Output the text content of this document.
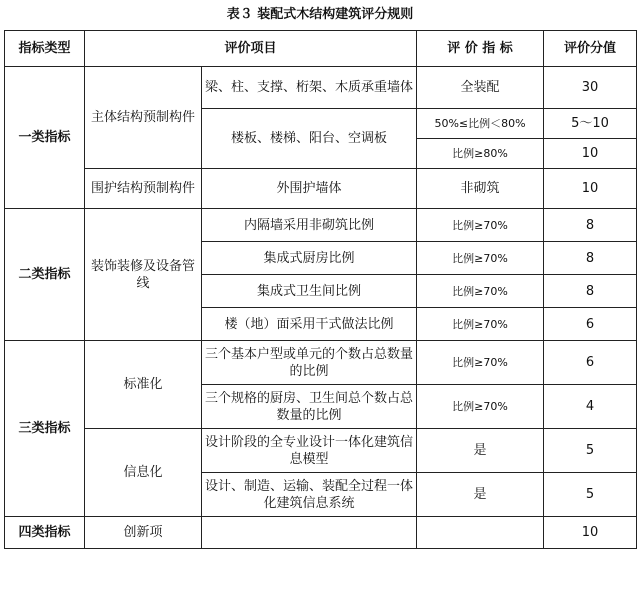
表３ 装配式木结构建筑评分规则
指标类型	评价项目		评 价 指 标	评价分值
一类指标	主体结构预制构件	梁、柱、支撑、桁架、木质承重墙体	全装配	30
		楼板、楼梯、阳台、空调板	50%≤比例＜80%	5～10
			比例≥80%	10
	围护结构预制构件	外围护墙体	非砌筑	10
二类指标	装饰装修及设备管线	内隔墙采用非砌筑比例	比例≥70%	8
		集成式厨房比例	比例≥70%	8
		集成式卫生间比例	比例≥70%	8
		楼（地）面采用干式做法比例	比例≥70%	6
三类指标	标准化	三个基本户型或单元的个数占总数量的比例	比例≥70%	6
		三个规格的厨房、卫生间总个数占总数量的比例	比例≥70%	4
	信息化	设计阶段的全专业设计一体化建筑信息模型	是	5
		设计、制造、运输、装配全过程一体化建筑信息系统	是	5
四类指标	创新项			10
